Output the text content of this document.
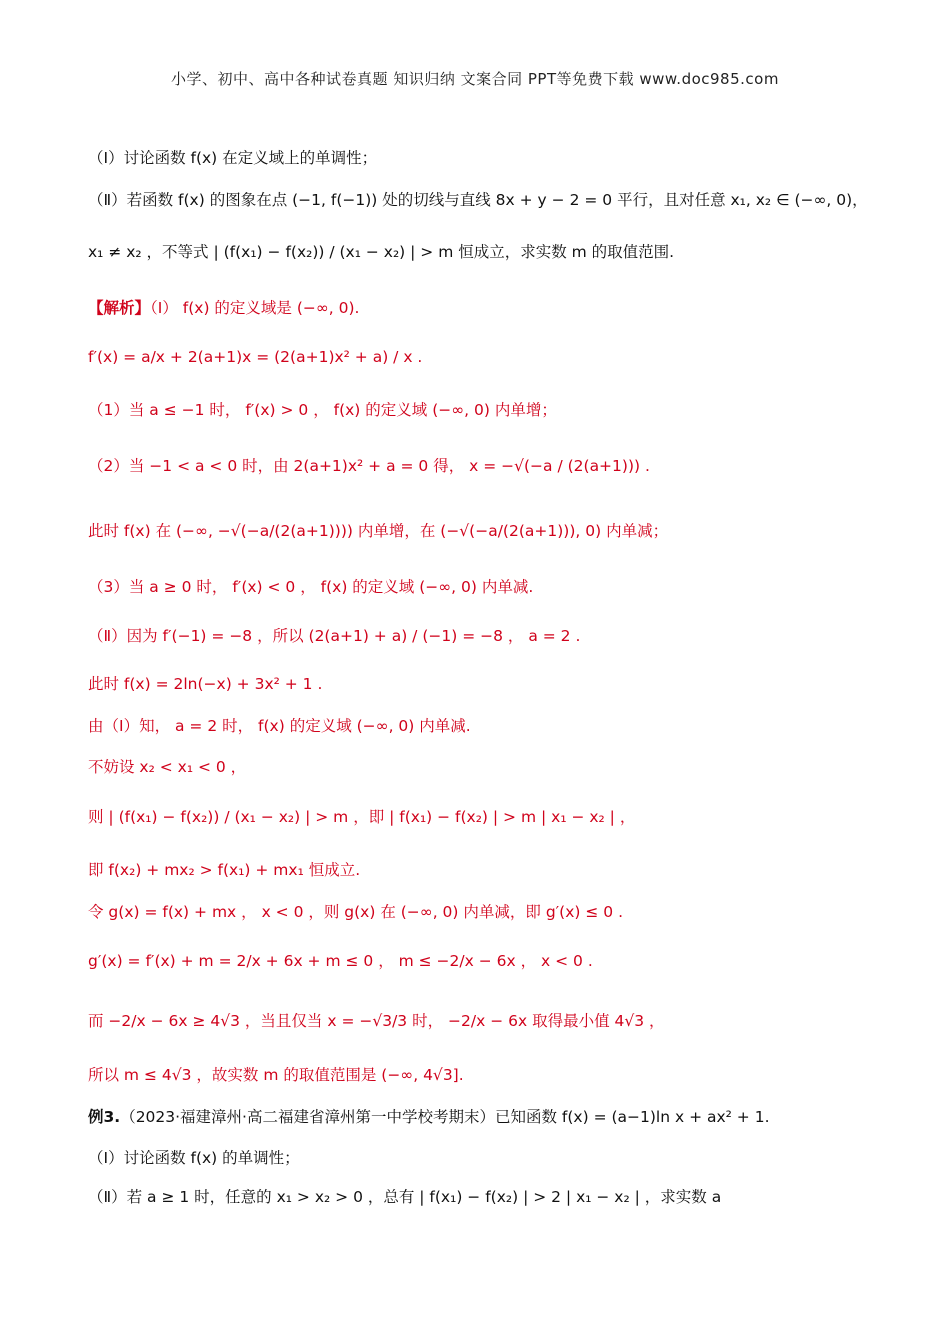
小学、初中、高中各种试卷真题 知识归纳 文案合同 PPT等免费下载 www.doc985.com
（Ⅰ）讨论函数 f(x) 在定义域上的单调性；
（Ⅱ）若函数 f(x) 的图象在点 (−1, f(−1)) 处的切线与直线 8x + y − 2 = 0 平行，且对任意 x₁, x₂ ∈ (−∞, 0)，
x₁ ≠ x₂ ，不等式 | (f(x₁) − f(x₂)) / (x₁ − x₂) | > m 恒成立，求实数 m 的取值范围.
【解析】（Ⅰ） f(x) 的定义域是 (−∞, 0).
f′(x) = a/x + 2(a+1)x = (2(a+1)x² + a) / x .
（1）当 a ≤ −1 时， f′(x) > 0 ， f(x) 的定义域 (−∞, 0) 内单增；
（2）当 −1 < a < 0 时，由 2(a+1)x² + a = 0 得， x = −√(−a / (2(a+1))) .
此时 f(x) 在 (−∞, −√(−a/(2(a+1)))) 内单增，在 (−√(−a/(2(a+1))), 0) 内单减；
（3）当 a ≥ 0 时， f′(x) < 0 ， f(x) 的定义域 (−∞, 0) 内单减.
（Ⅱ）因为 f′(−1) = −8 ，所以 (2(a+1) + a) / (−1) = −8 ， a = 2 .
此时 f(x) = 2ln(−x) + 3x² + 1 .
由（Ⅰ）知， a = 2 时， f(x) 的定义域 (−∞, 0) 内单减.
不妨设 x₂ < x₁ < 0 ，
则 | (f(x₁) − f(x₂)) / (x₁ − x₂) | > m ，即 | f(x₁) − f(x₂) | > m | x₁ − x₂ | ，
即 f(x₂) + mx₂ > f(x₁) + mx₁ 恒成立.
令 g(x) = f(x) + mx ， x < 0 ，则 g(x) 在 (−∞, 0) 内单减，即 g′(x) ≤ 0 .
g′(x) = f′(x) + m = 2/x + 6x + m ≤ 0 ， m ≤ −2/x − 6x ， x < 0 .
而 −2/x − 6x ≥ 4√3 ，当且仅当 x = −√3/3 时， −2/x − 6x 取得最小值 4√3 ，
所以 m ≤ 4√3 ，故实数 m 的取值范围是 (−∞, 4√3].
例3.（2023·福建漳州·高二福建省漳州第一中学校考期末）已知函数 f(x) = (a−1)ln x + ax² + 1.
（Ⅰ）讨论函数 f(x) 的单调性；
（Ⅱ）若 a ≥ 1 时，任意的 x₁ > x₂ > 0 ，总有 | f(x₁) − f(x₂) | > 2 | x₁ − x₂ | ，求实数 a
